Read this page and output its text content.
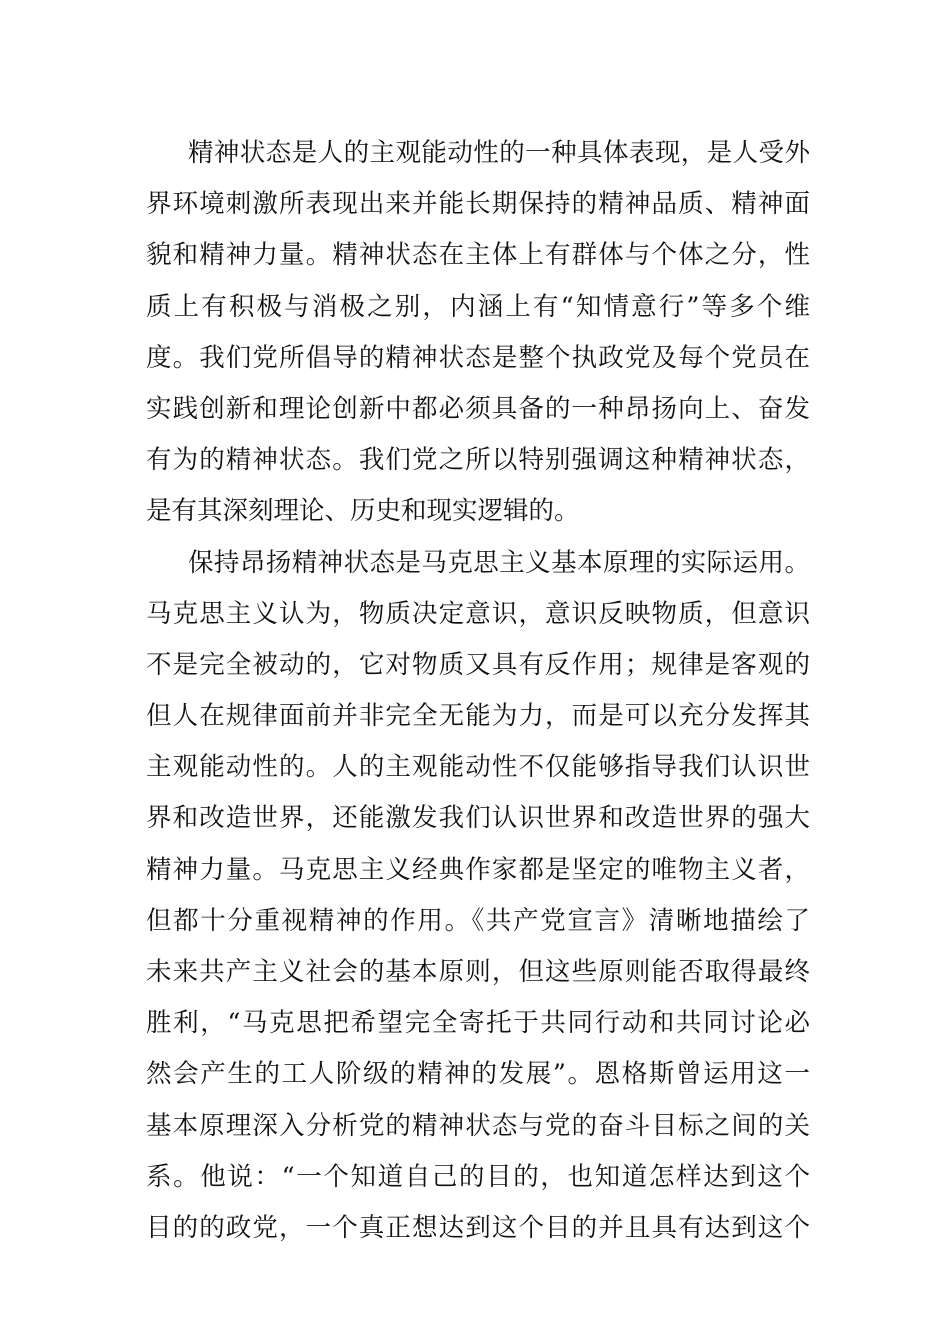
精神状态是人的主观能动性的一种具体表现，是人受外
界环境刺激所表现出来并能长期保持的精神品质、精神面
貌和精神力量。精神状态在主体上有群体与个体之分，性
质上有积极与消极之别，内涵上有“知情意行”等多个维
度。我们党所倡导的精神状态是整个执政党及每个党员在
实践创新和理论创新中都必须具备的一种昂扬向上、奋发
有为的精神状态。我们党之所以特别强调这种精神状态，
是有其深刻理论、历史和现实逻辑的。
保持昂扬精神状态是马克思主义基本原理的实际运用。
马克思主义认为，物质决定意识，意识反映物质，但意识
不是完全被动的，它对物质又具有反作用；规律是客观的
但人在规律面前并非完全无能为力，而是可以充分发挥其
主观能动性的。人的主观能动性不仅能够指导我们认识世
界和改造世界，还能激发我们认识世界和改造世界的强大
精神力量。马克思主义经典作家都是坚定的唯物主义者，
但都十分重视精神的作用。《共产党宣言》清晰地描绘了
未来共产主义社会的基本原则，但这些原则能否取得最终
胜利，“马克思把希望完全寄托于共同行动和共同讨论必
然会产生的工人阶级的精神的发展”。恩格斯曾运用这一
基本原理深入分析党的精神状态与党的奋斗目标之间的关
系。他说：“一个知道自己的目的，也知道怎样达到这个
目的的政党，一个真正想达到这个目的并且具有达到这个
